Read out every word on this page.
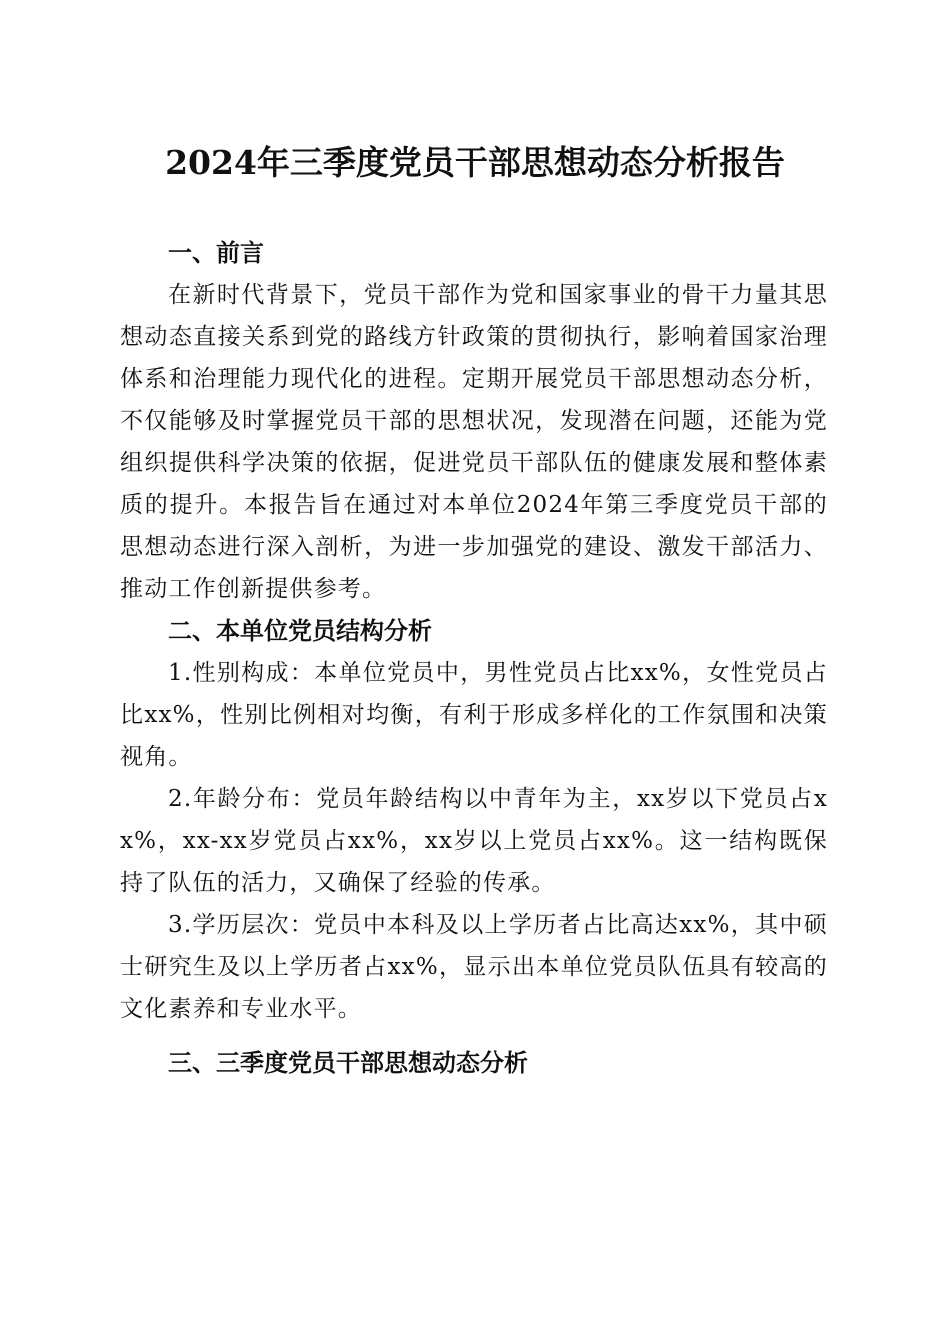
2024年三季度党员干部思想动态分析报告
一、前言

在新时代背景下，党员干部作为党和国家事业的骨干力量其思想动态直接关系到党的路线方针政策的贯彻执行，影响着国家治理体系和治理能力现代化的进程。定期开展党员干部思想动态分析，不仅能够及时掌握党员干部的思想状况，发现潜在问题，还能为党组织提供科学决策的依据，促进党员干部队伍的健康发展和整体素质的提升。本报告旨在通过对本单位2024年第三季度党员干部的思想动态进行深入剖析，为进一步加强党的建设、激发干部活力、推动工作创新提供参考。

二、本单位党员结构分析

1.性别构成：本单位党员中，男性党员占比xx%，女性党员占比xx%，性别比例相对均衡，有利于形成多样化的工作氛围和决策视角。

2.年龄分布：党员年龄结构以中青年为主，xx岁以下党员占xx%，xx-xx岁党员占xx%，xx岁以上党员占xx%。这一结构既保持了队伍的活力，又确保了经验的传承。

3.学历层次：党员中本科及以上学历者占比高达xx%，其中硕士研究生及以上学历者占xx%，显示出本单位党员队伍具有较高的文化素养和专业水平。

三、三季度党员干部思想动态分析
